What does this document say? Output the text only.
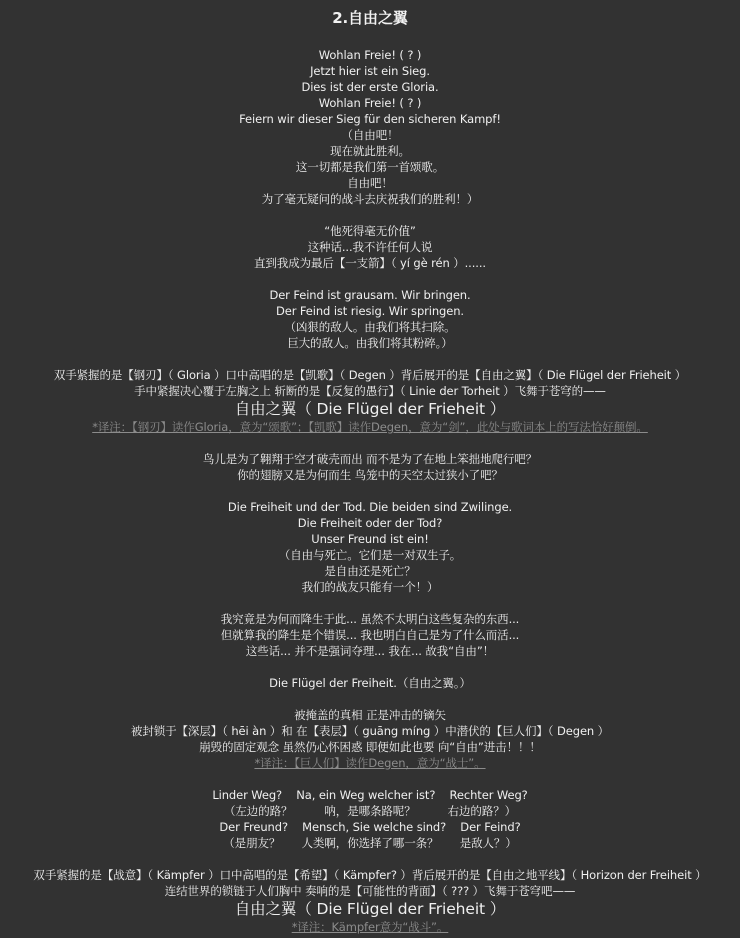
2.自由之翼
Wohlan Freie! ( ? )
Jetzt hier ist ein Sieg.
Dies ist der erste Gloria.
Wohlan Freie! ( ? )
Feiern wir dieser Sieg für den sicheren Kampf!
（自由吧！
现在就此胜利。
这一切都是我们第一首颂歌。
自由吧！
为了毫无疑问的战斗去庆祝我们的胜利！）
“他死得毫无价值”
这种话...我不许任何人说
直到我成为最后【一支箭】（ yí gè rén ）......
Der Feind ist grausam. Wir bringen.
Der Feind ist riesig. Wir springen.
（凶狠的敌人。由我们将其扫除。
巨大的敌人。由我们将其粉碎。）
双手紧握的是【钢刃】（ Gloria ）口中高唱的是【凯歌】（ Degen ）背后展开的是【自由之翼】（ Die Flügel der Frieheit ）
手中紧握决心覆于左胸之上 斩断的是【反复的愚行】（ Linie der Torheit ）飞舞于苍穹的——
自由之翼（ Die Flügel der Frieheit ）
*译注：【钢刃】读作Gloria，意为“颂歌”；【凯歌】读作Degen，意为“剑”，此处与歌词本上的写法恰好颠倒。
鸟儿是为了翱翔于空才破壳而出 而不是为了在地上笨拙地爬行吧？
你的翅膀又是为何而生 鸟笼中的天空太过狭小了吧？
Die Freiheit und der Tod. Die beiden sind Zwilinge.
Die Freiheit oder der Tod?
Unser Freund ist ein!
（自由与死亡。它们是一对双生子。
是自由还是死亡？
我们的战友只能有一个！）
我究竟是为何而降生于此... 虽然不太明白这些复杂的东西...
但就算我的降生是个错误... 我也明白自己是为了什么而活...
这些话... 并不是强词夺理... 我在... 故我“自由”！
Die Flügel der Freiheit.（自由之翼。）
被掩盖的真相 正是冲击的镝矢
被封锁于【深层】（ hēi àn ）和 在【表层】（ guāng míng ）中潜伏的【巨人们】（ Degen ）
崩毁的固定观念 虽然仍心怀困惑 即便如此也要 向“自由”进击！！！
*译注：【巨人们】读作Degen，意为“战士”。
Linder Weg?    Na, ein Weg welcher ist?    Rechter Weg?
（左边的路？         呐，是哪条路呢？         右边的路？）
Der Freund?    Mensch, Sie welche sind?    Der Feind?
（是朋友？      人类啊，你选择了哪一条？      是敌人？）
双手紧握的是【战意】（ Kämpfer ）口中高唱的是【希望】（ Kämpfer? ）背后展开的是【自由之地平线】（ Horizon der Freiheit ）
连结世界的锁链于人们胸中 奏响的是【可能性的背面】（ ??? ）飞舞于苍穹吧——
自由之翼（ Die Flügel der Frieheit ）
*译注：Kämpfer意为“战斗”。
